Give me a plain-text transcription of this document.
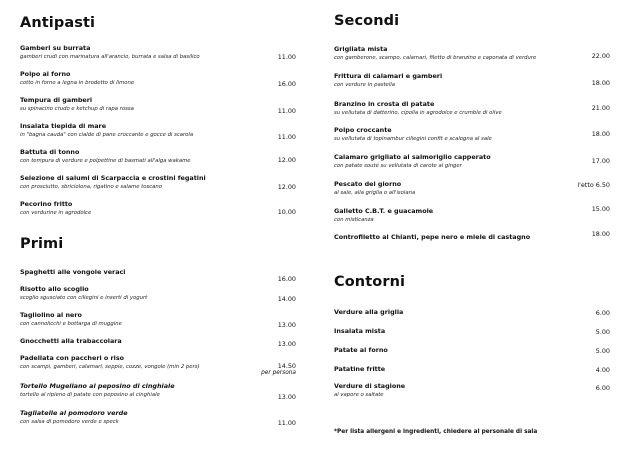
Antipasti
Gamberi su burrata
gamberi crudi con marinatura all'arancio, burrata e salsa di basilico	11.00
Polpo al forno
cotto in forno a legna in brodetto di limone	16.00
Tempura di gamberi
su spinacino crudo e ketchup di rapa rossa	11.00
Insalata tiepida di mare
in "bagna cauda" con cialde di pane croccante e gocce di scarola	11.00
Battuta di tonno
con tempura di verdure e polpettine di basmati all'alga wakame	12.00
Selezione di salumi di Scarpaccia e crostini fegatini
con prosciutto, sbriciolona, rigatino e salame toscano	12.00
Pecorino fritto
con verdurine in agrodolce	10.00
Primi
Spaghetti alle vongole veraci
16.00
Risotto allo scoglio
scoglio sgusciato con ciliegini e inserti di yogurt	14.00
Tagliolino al nero
con cannolicchi e bottarga di muggine	13.00
Gnocchetti alla trabaccolara	13.00
Padellata con paccheri o riso
con scampi, gamberi, calamari, seppie, cozze, vongole (min 2 pers)	14.50
per persona
Tortello Mugellano al peposino di cinghiale
tortello al ripieno di patate con peposino al cinghiale	13.00
Tagliatelle al pomodoro verde
con salsa di pomodoro verde e speck	11.00
Secondi
Grigliata mista
con gamberone, scampo, calamari, filetto di branzino e caponata di verdure	22.00
Frittura di calamari e gamberi
con verdure in pastella	18.00
Branzino in crosta di patate
su vellutata di datterino, cipolla in agrodolce e crumble di olive
21.00
Polpo croccante
su vellutata di topinambur ciliegini confit e scalogna al sale
18.00
Calamaro grigliato al salmoriglio capperato
con patate souté su vellutata di carote al ginger
17.00
Pescato del giorno
al sale, alla griglia o all'isolana
l'etto 6.50
Galletto C.B.T. e guacamole
con misticanza
15.00
Controfiletto al Chianti, pepe nero e miele di castagno	18.00
Contorni
Verdure alla griglia	6.00
Insalata mista	5.00
Patate al forno	5.00
Patatine fritte	4.00
Verdure di stagione
al vapore o saltate
6.00
*Per lista allergeni e ingredienti, chiedere al personale di sala
